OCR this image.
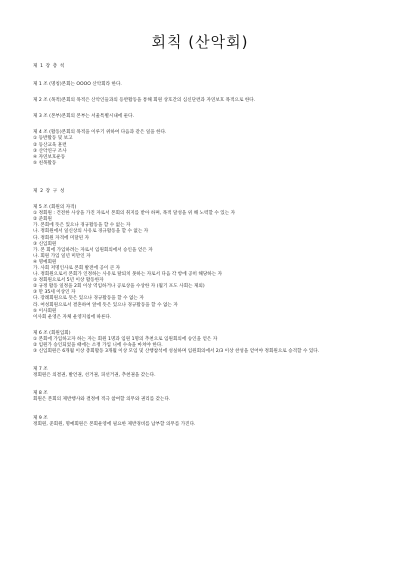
회칙 (산악회)
제 1 장 총 칙
제 1 조 (명칭)본회는 OOOO 산악회라 한다.
제 2 조 (목적)본회의 목적은 산악인들과의 등반활동을 통해 회원 상호간의 심신단련과 자연보호 목적으로 한다.
제 3 조 (본부)본회의 본부는 서울특별시내에 둔다.
제 4 조 (활동)본회의 목적을 이루기 위하여 다음과 같은 일을 한다.
① 등반활동 및 보고
② 등산교육 훈련
③ 산악연구 조사
④ 자연보호운동
⑤ 친목활동
제 2 장 구 성
제 5 조 (회원의 자격)
① 정회원 : 건전한 사상을 가진 자로서 본회의 취지를 받아 하며, 목적 달성을 위 해 노력할 수 있는 자
② 준회원
가. 본회에 뜻은 있으나 경규활동을 할 수 없는 자
나. 정회원에서 일신상의 사유로 경규활동을 할 수 없는 자
다. 정회원 자격에 미달된 자
③ 신입회원
가. 본 회에 가입하려는 자로서 임원회의에서 승인을 얻은 자
나. 회원 가입 일년 미만인 자
④ 명예회원
가. 사회 저명인사로 본회 발전에 공이 큰 자
나. 정회원으로서 본회가 인정하는 사유로 탈퇴치 못하는 자로서 다음 각 항에 공히 해당하는 자
① 정회원으로서 5년 이상 활동한자
② 규정 활동 일정을 2회 이상 역임하거나 공로상을 수상한 자 (월기 포도 사회는 제외)
③ 만 35세 이상인 자
다. 장례회원으로 뜻은 있으나 경규활동을 할 수 없는 자
라. 여성회원으로서 결혼하여 앞에 뜻은 있으나 경규활동을 할 수 없는 자
⑤ 이사회원
이사회 운영은 자체 운영지침에 따른다.
제 6 조 (회원입회)
① 본회에 가입하고자 하는 자는 회원 1명과 임원 1명의 추천으로 임원회의에 승인을 얻은 자
② 임원가 승인되었을 때에는 소정 가입 니에 수속을 마쳐야 한다.
③ 신입회원은 6개월 이상 총회활동 3개월 이상 모임 및 산행참석에 성실하며 임원회의에서 2/3 이상 찬성을 얻어야 정회원으로 승격할 수 있다.
제 7 조
정회원은 의결권, 발언권, 선거권, 피선거권, 추천권을 갖는다.
제 8 조
회원은 본회의 제반행사와 결정에 적극 참여할 의무와 권리를 갖는다.
제 9 조
정회원, 준회원, 명예회원은 본회운영에 필요한 제반경비를 납부할 의무를 가진다.
